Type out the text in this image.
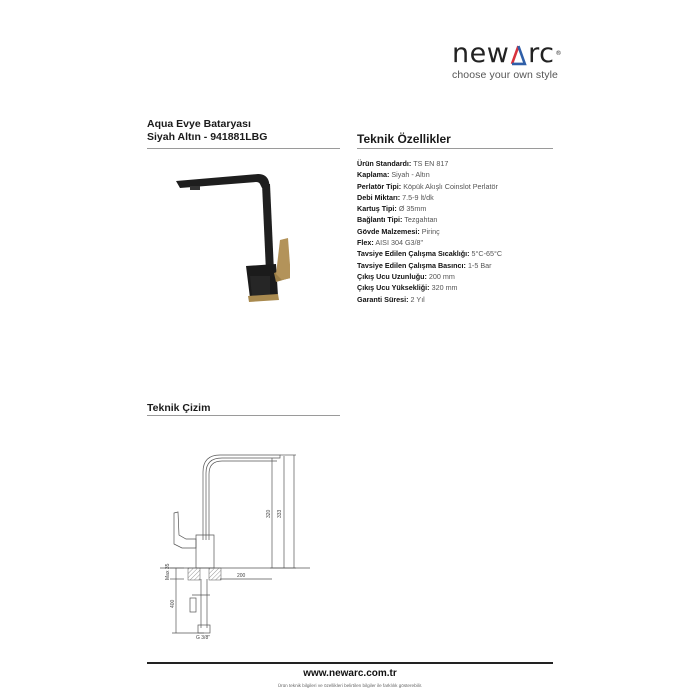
new rc ®
choose your own style
Aqua Evye Bataryası
Siyah Altın - 941881LBG	Teknik Özellikler
Ürün Standardı: TS EN 817
Kaplama: Siyah - Altın
Perlatör Tipi: Köpük Akışlı Coinslot Perlatör
Debi Miktarı: 7.5-9 lt/dk
Kartuş Tipi: Ø 35mm
Bağlantı Tipi: Tezgahtan
Gövde Malzemesi: Pirinç
Flex: AISI 304 G3/8"
Tavsiye Edilen Çalışma Sıcaklığı: 5°C-65°C
Tavsiye Edilen Çalışma Basıncı: 1-5 Bar
Çıkış Ucu Uzunluğu: 200 mm
Çıkış Ucu Yüksekliği: 320 mm
Garanti Süresi: 2 Yıl
Teknik Çizim
320 333
200
Max 35
400
G 3/8"
www.newarc.com.tr
Ürün teknik bilgileri ve özellikleri belirtilen bilgiler ile farklılık gösterebilir.
